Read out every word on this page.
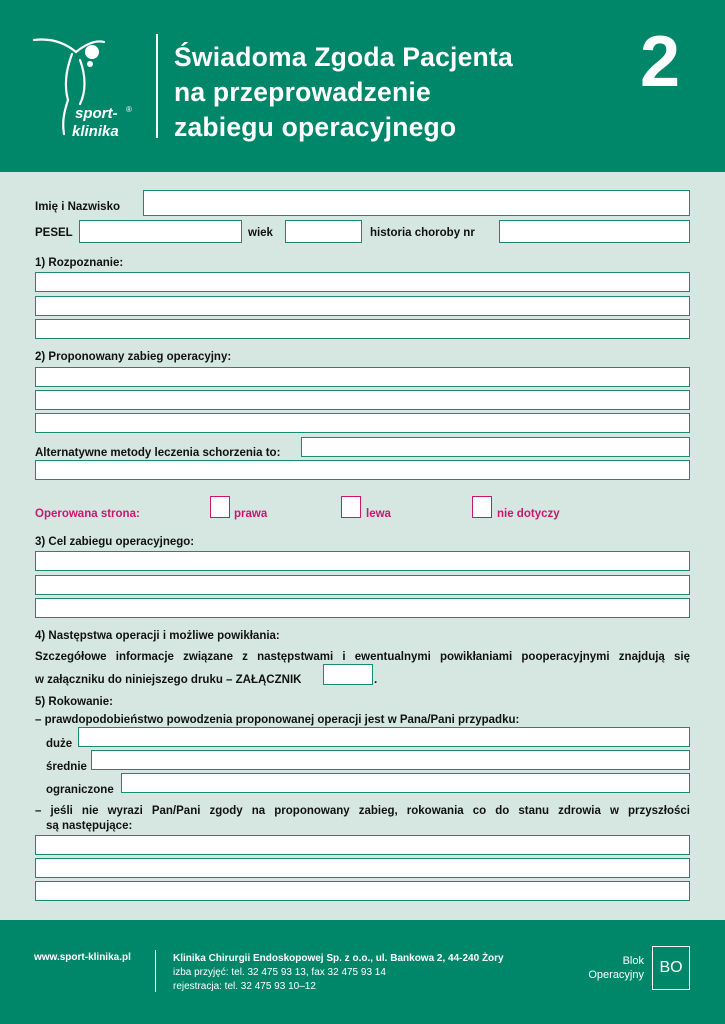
sport-
klinika
®
Świadoma Zgoda Pacjenta
na przeprowadzenie
zabiegu operacyjnego
2
Imię i Nazwisko
PESEL	wiek	historia choroby nr
1) Rozpoznanie:
2) Proponowany zabieg operacyjny:
Alternatywne metody leczenia schorzenia to:
Operowana strona:	prawa	lewa	nie dotyczy
3) Cel zabiegu operacyjnego:
4) Następstwa operacji i możliwe powikłania:
Szczegółowe informacje związane z następstwami i ewentualnymi powikłaniami pooperacyjnymi znajdują się
w załączniku do niniejszego druku – ZAŁĄCZNIK	.
5) Rokowanie:
– prawdopodobieństwo powodzenia proponowanej operacji jest w Pana/Pani przypadku:
duże
średnie
ograniczone
– jeśli nie wyrazi Pan/Pani zgody na proponowany zabieg, rokowania co do stanu zdrowia w przyszłości
są następujące:
www.sport-klinika.pl	Klinika Chirurgii Endoskopowej Sp. z o.o., ul. Bankowa 2, 44-240 Żory
izba przyjęć: tel. 32 475 93 13, fax 32 475 93 14
rejestracja: tel. 32 475 93 10–12
Blok
Operacyjny BO
